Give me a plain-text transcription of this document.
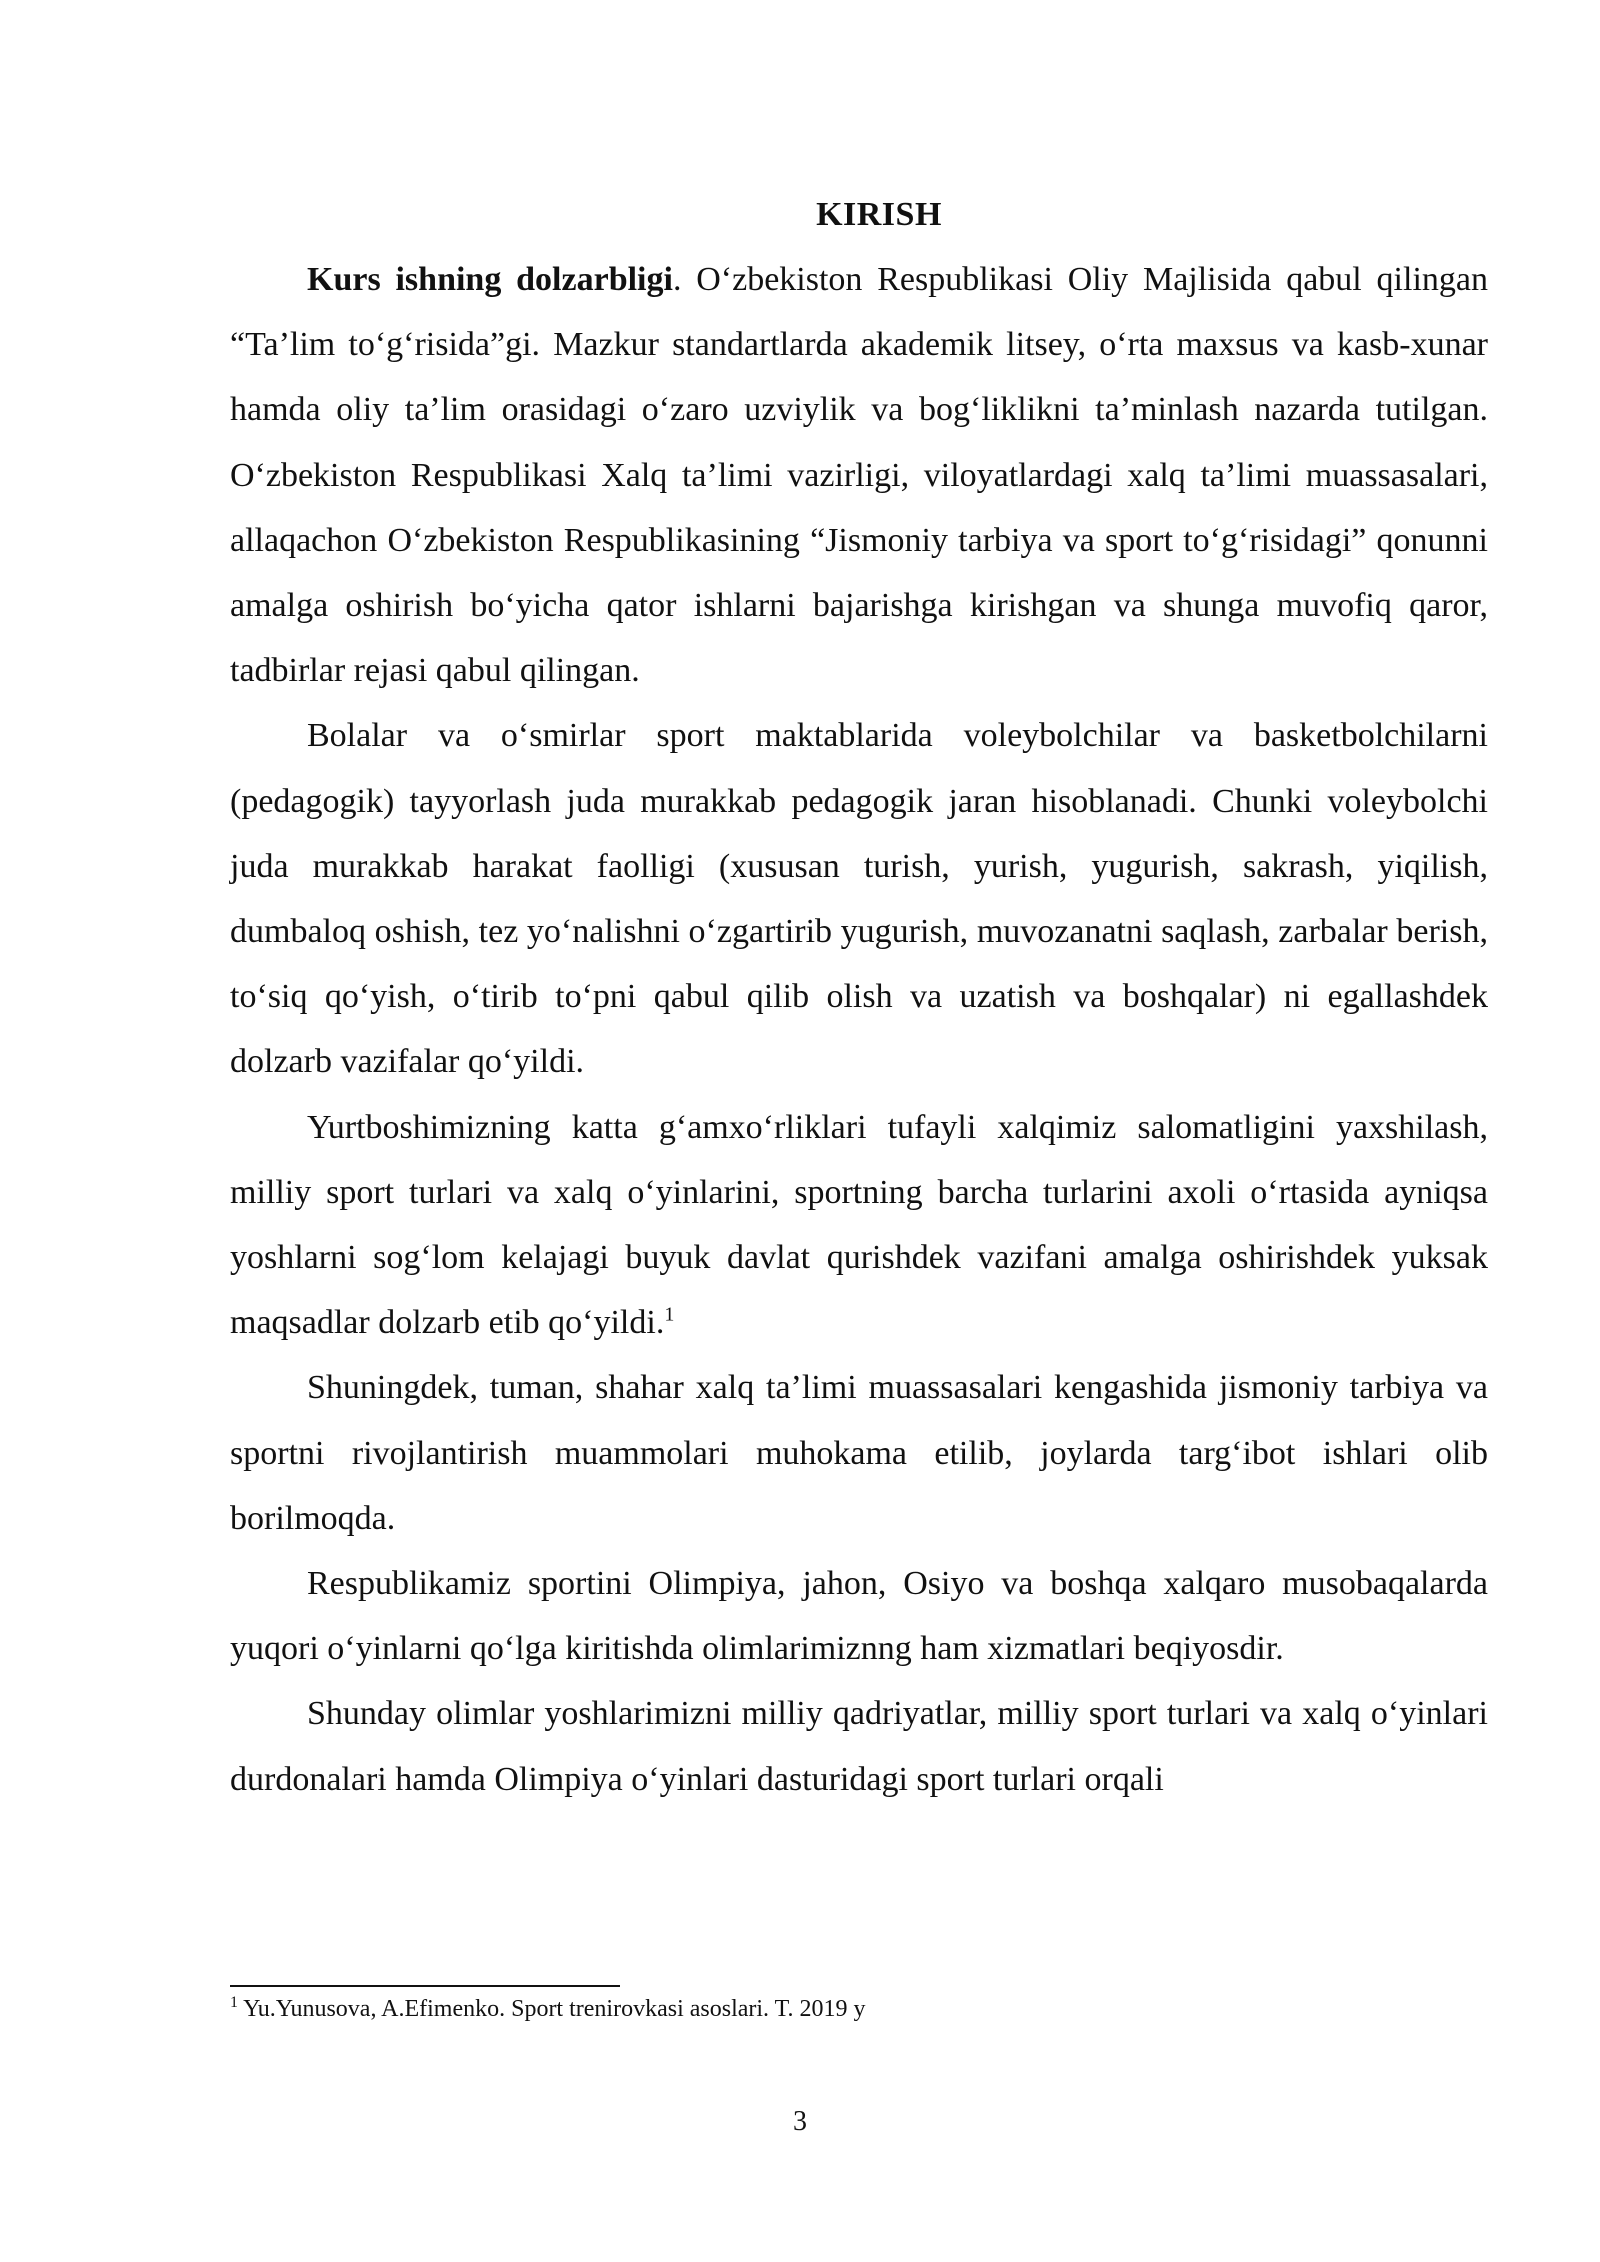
KIRISH

Kurs ishning dolzarbligi. O‘zbekiston Respublikasi Oliy Majlisida qabul qilingan “Ta’lim to‘g‘risida”gi. Mazkur standartlarda akademik litsey, o‘rta maxsus va kasb-xunar hamda oliy ta’lim orasidagi o‘zaro uzviylik va bog‘liklikni ta’minlash nazarda tutilgan. O‘zbekiston Respublikasi Xalq ta’limi vazirligi, viloyatlardagi xalq ta’limi muassasalari, allaqachon O‘zbekiston Respublikasining “Jismoniy tarbiya va sport to‘g‘risidagi” qonunni amalga oshirish bo‘yicha qator ishlarni bajarishga kirishgan va shunga muvofiq qaror, tadbirlar rejasi qabul qilingan.

Bolalar va o‘smirlar sport maktablarida voleybolchilar va basketbolchilarni (pedagogik) tayyorlash juda murakkab pedagogik jaran hisoblanadi. Chunki voleybolchi juda murakkab harakat faolligi (xususan turish, yurish, yugurish, sakrash, yiqilish, dumbaloq oshish, tez yo‘nalishni o‘zgartirib yugurish, muvozanatni saqlash, zarbalar berish, to‘siq qo‘yish, o‘tirib to‘pni qabul qilib olish va uzatish va boshqalar) ni egallashdek dolzarb vazifalar qo‘yildi.

Yurtboshimizning katta g‘amxo‘rliklari tufayli xalqimiz salomatligini yaxshilash, milliy sport turlari va xalq o‘yinlarini, sportning barcha turlarini axoli o‘rtasida ayniqsa yoshlarni sog‘lom kelajagi buyuk davlat qurishdek vazifani amalga oshirishdek yuksak maqsadlar dolzarb etib qo‘yildi.$^1$

Shuningdek, tuman, shahar xalq ta’limi muassasalari kengashida jismoniy tarbiya va sportni rivojlantirish muammolari muhokama etilib, joylarda targ‘ibot ishlari olib borilmoqda.

Respublikamiz sportini Olimpiya, jahon, Osiyo va boshqa xalqaro musobaqalarda yuqori o‘yinlarni qo‘lga kiritishda olimlarimiznng ham xizmatlari beqiyosdir.

Shunday olimlar yoshlarimizni milliy qadriyatlar, milliy sport turlari va xalq o‘yinlari durdonalari hamda Olimpiya o‘yinlari dasturidagi sport turlari orqali

$^1$ Yu.Yunusova, A.Efimenko. Sport trenirovkasi asoslari. T. 2019 y

3
